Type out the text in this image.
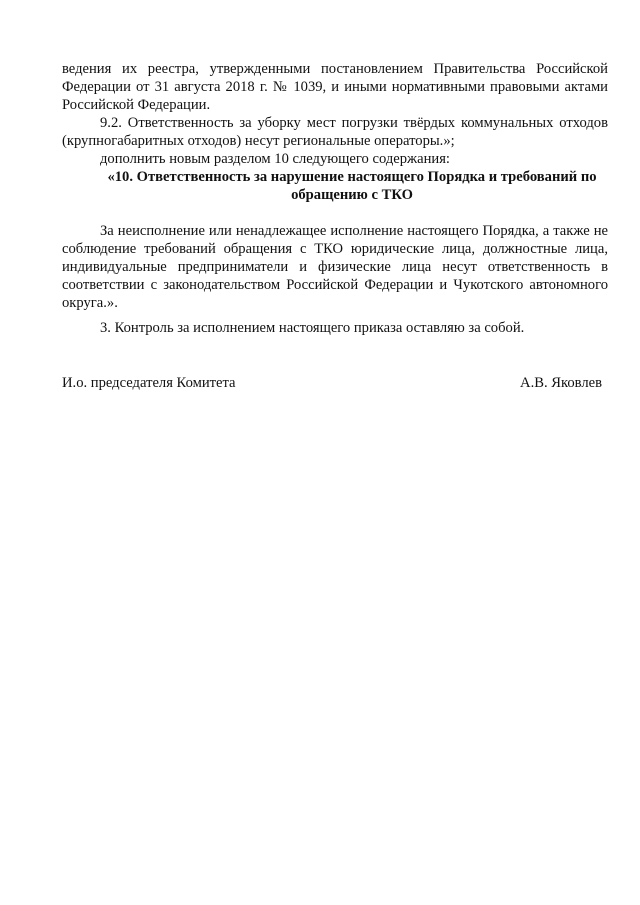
ведения их реестра, утвержденными постановлением Правительства Российской Федерации от 31 августа 2018 г. № 1039, и иными нормативными правовыми актами Российской Федерации.
9.2. Ответственность за уборку мест погрузки твёрдых коммунальных отходов (крупногабаритных отходов) несут региональные операторы.»;
дополнить новым разделом 10 следующего содержания:
«10. Ответственность за нарушение настоящего Порядка и требований по обращению с ТКО
За неисполнение или ненадлежащее исполнение настоящего Порядка, а также не соблюдение требований обращения с ТКО юридические лица, должностные лица, индивидуальные предприниматели и физические лица несут ответственность в соответствии с законодательством Российской Федерации и Чукотского автономного округа.».
3. Контроль за исполнением настоящего приказа оставляю за собой.
И.о. председателя Комитета	А.В. Яковлев
